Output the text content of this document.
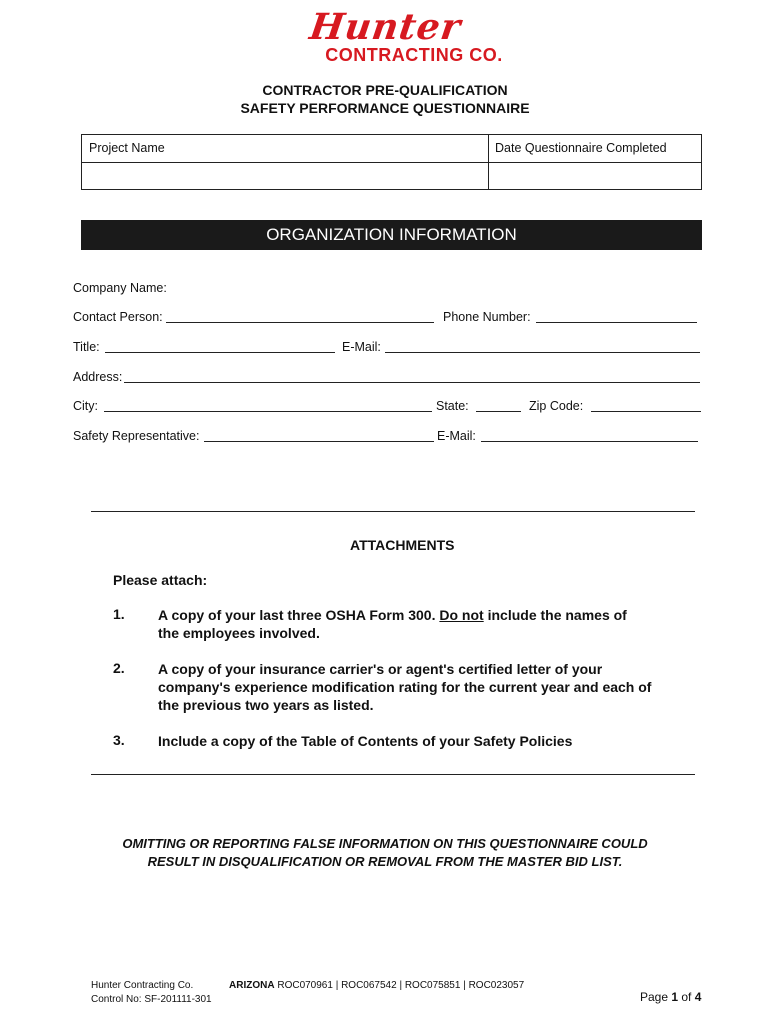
Hunter
CONTRACTING CO.
CONTRACTOR PRE-QUALIFICATION
SAFETY PERFORMANCE QUESTIONNAIRE
Project Name	Date Questionnaire Completed
ORGANIZATION INFORMATION
Company Name:
Contact Person:	Phone Number:
Title:	E-Mail:
Address:
City:	State:	Zip Code:
Safety Representative:	E-Mail:
ATTACHMENTS
Please attach:
1. A copy of your last three OSHA Form 300. Do not include the names of
the employees involved.
2. A copy of your insurance carrier's or agent's certified letter of your
company's experience modification rating for the current year and each of
the previous two years as listed.
3. Include a copy of the Table of Contents of your Safety Policies
OMITTING OR REPORTING FALSE INFORMATION ON THIS QUESTIONNAIRE COULD
RESULT IN DISQUALIFICATION OR REMOVAL FROM THE MASTER BID LIST.
Hunter Contracting Co.
Control No: SF-201111-301
ARIZONA ROC070961 | ROC067542 | ROC075851 | ROC023057
Page 1 of 4
